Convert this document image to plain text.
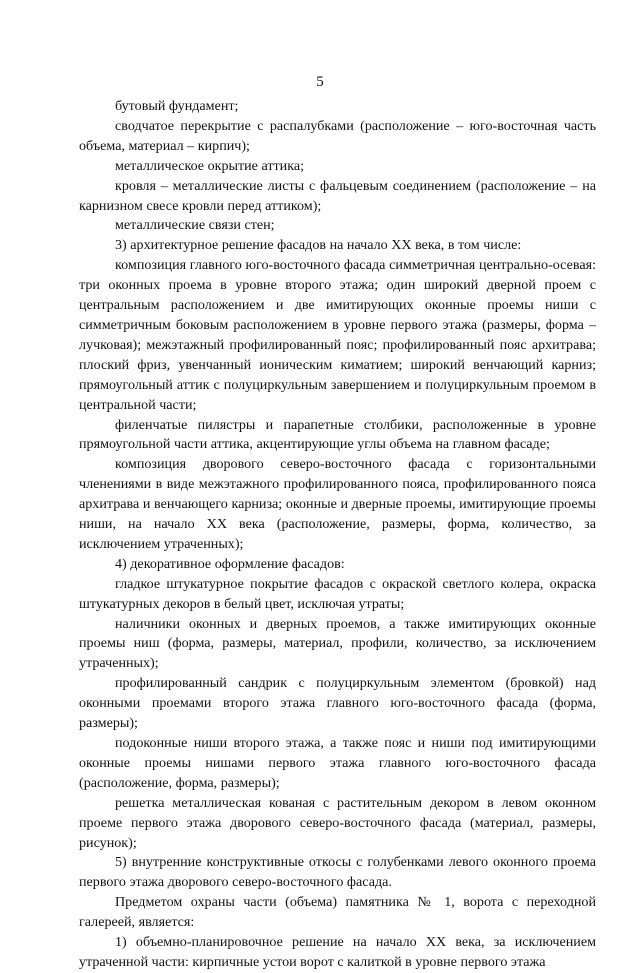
5

бутовый фундамент;

сводчатое перекрытие с распалубками (расположение – юго-восточная часть объема, материал – кирпич);

металлическое окрытие аттика;

кровля – металлические листы с фальцевым соединением (расположение – на карнизном свесе кровли перед аттиком);

металлические связи стен;

3) архитектурное решение фасадов на начало XX века, в том числе:

композиция главного юго-восточного фасада симметричная центрально-осевая: три оконных проема в уровне второго этажа; один широкий дверной проем с центральным расположением и две имитирующих оконные проемы ниши с симметричным боковым расположением в уровне первого этажа (размеры, форма – лучковая); межэтажный профилированный пояс; профилированный пояс архитрава; плоский фриз, увенчанный ионическим киматием; широкий венчающий карниз; прямоугольный аттик с полуциркульным завершением и полуциркульным проемом в центральной части;

филенчатые пилястры и парапетные столбики, расположенные в уровне прямоугольной части аттика, акцентирующие углы объема на главном фасаде;

композиция дворового северо-восточного фасада с горизонтальными членениями в виде межэтажного профилированного пояса, профилированного пояса архитрава и венчающего карниза; оконные и дверные проемы, имитирующие проемы ниши, на начало XX века (расположение, размеры, форма, количество, за исключением утраченных);

4) декоративное оформление фасадов:

гладкое штукатурное покрытие фасадов с окраской светлого колера, окраска штукатурных декоров в белый цвет, исключая утраты;

наличники оконных и дверных проемов, а также имитирующих оконные проемы ниш (форма, размеры, материал, профили, количество, за исключением утраченных);

профилированный сандрик с полуциркульным элементом (бровкой) над оконными проемами второго этажа главного юго-восточного фасада (форма, размеры);

подоконные ниши второго этажа, а также пояс и ниши под имитирующими оконные проемы нишами первого этажа главного юго-восточного фасада (расположение, форма, размеры);

решетка металлическая кованая с растительным декором в левом оконном проеме первого этажа дворового северо-восточного фасада (материал, размеры, рисунок);

5) внутренние конструктивные откосы с голубенками левого оконного проема первого этажа дворового северо-восточного фасада.

Предметом охраны части (объема) памятника № 1, ворота с переходной галереей, является:

1) объемно-планировочное решение на начало XX века, за исключением утраченной части: кирпичные устои ворот с калиткой в уровне первого этажа
